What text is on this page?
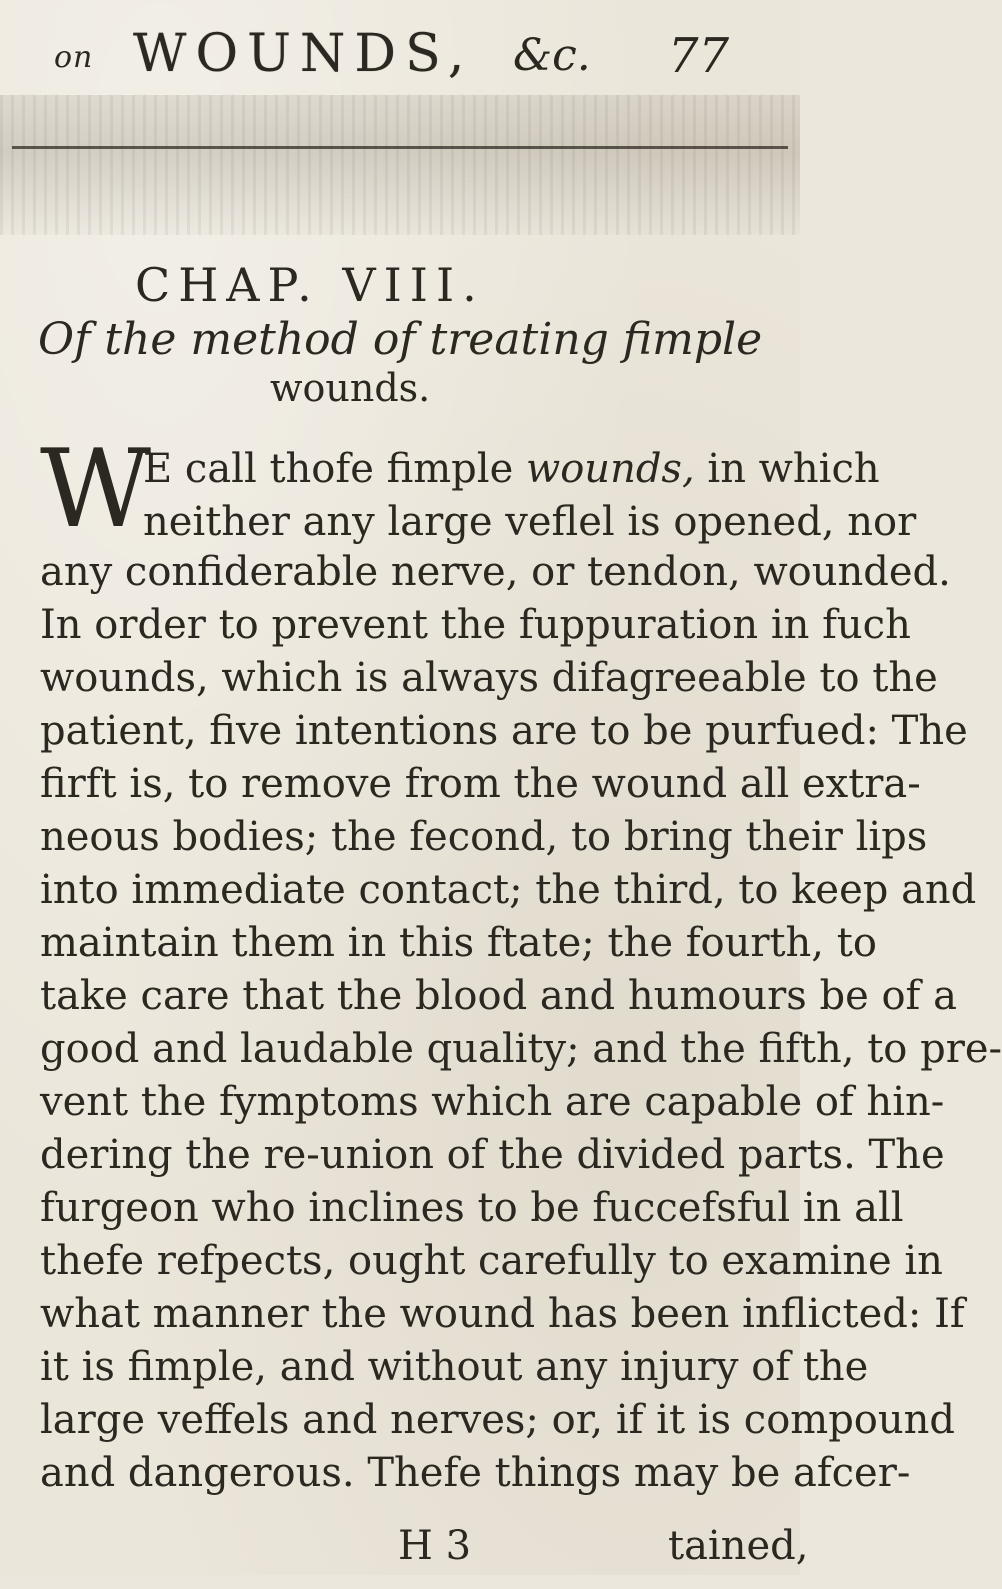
on WOUNDS, &c. 77
CHAP. VIII.
Of the method of treating fimple
wounds.
W
E call thofe fimple wounds, in which
neither any large veflel is opened, nor
any confiderable nerve, or tendon, wounded.
In order to prevent the fuppuration in fuch
wounds, which is always difagreeable to the
patient, five intentions are to be purfued: The
firft is, to remove from the wound all extra-
neous bodies; the fecond, to bring their lips
into immediate contact; the third, to keep and
maintain them in this ftate; the fourth, to
take care that the blood and humours be of a
good and laudable quality; and the fifth, to pre-
vent the fymptoms which are capable of hin-
dering the re-union of the divided parts. The
furgeon who inclines to be fuccefsful in all
thefe refpects, ought carefully to examine in
what manner the wound has been inflicted: If
it is fimple, and without any injury of the
large veffels and nerves; or, if it is compound
and dangerous. Thefe things may be afcer-
H 3	tained,
